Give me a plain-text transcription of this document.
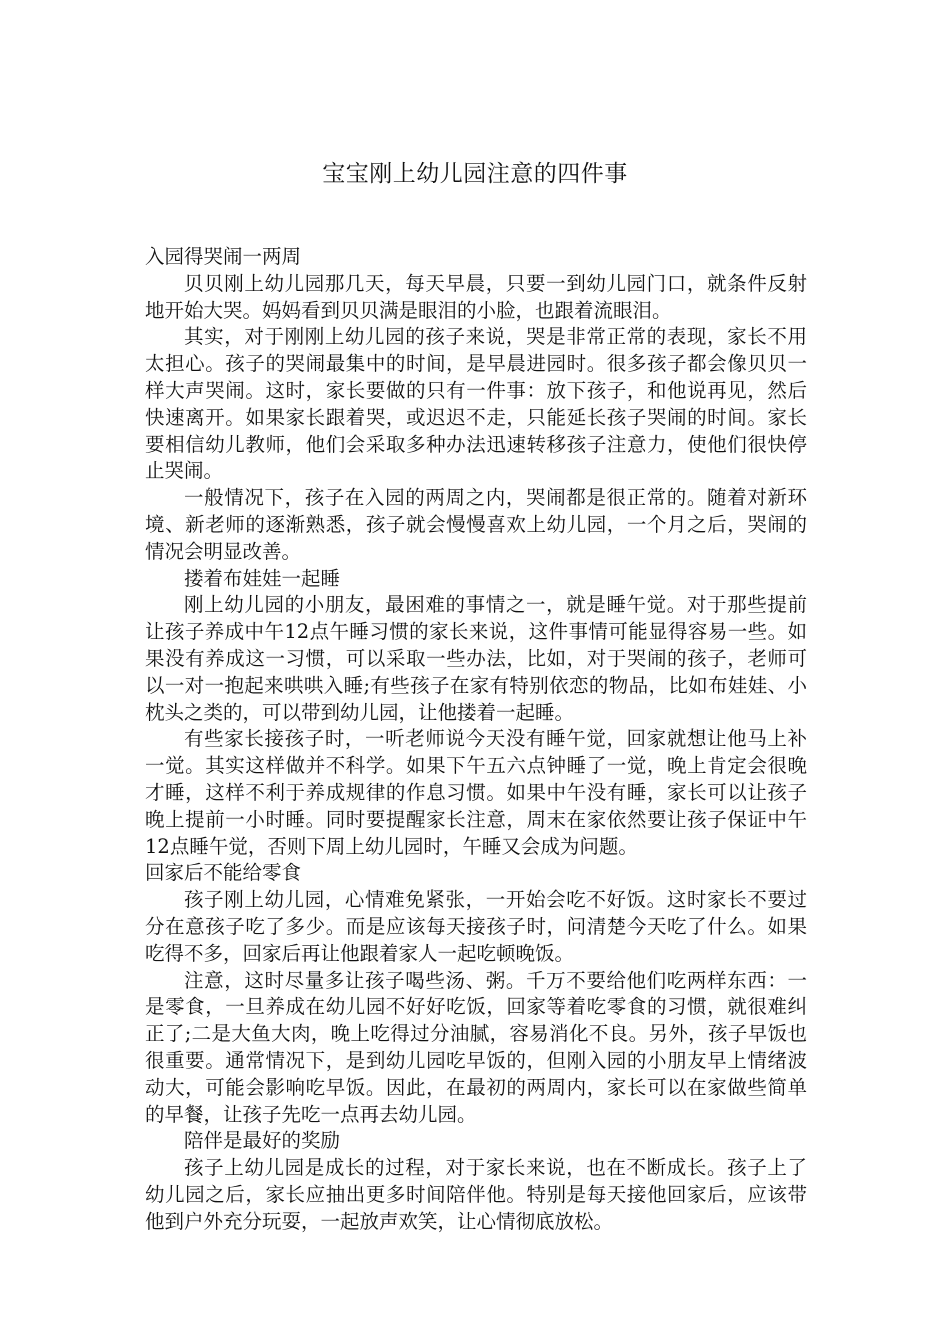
宝宝刚上幼儿园注意的四件事

入园得哭闹一两周

贝贝刚上幼儿园那几天，每天早晨，只要一到幼儿园门口，就条件反射地开始大哭。妈妈看到贝贝满是眼泪的小脸，也跟着流眼泪。

其实，对于刚刚上幼儿园的孩子来说，哭是非常正常的表现，家长不用太担心。孩子的哭闹最集中的时间，是早晨进园时。很多孩子都会像贝贝一样大声哭闹。这时，家长要做的只有一件事：放下孩子，和他说再见，然后快速离开。如果家长跟着哭，或迟迟不走，只能延长孩子哭闹的时间。家长要相信幼儿教师，他们会采取多种办法迅速转移孩子注意力，使他们很快停止哭闹。

一般情况下，孩子在入园的两周之内，哭闹都是很正常的。随着对新环境、新老师的逐渐熟悉，孩子就会慢慢喜欢上幼儿园，一个月之后，哭闹的情况会明显改善。

搂着布娃娃一起睡

刚上幼儿园的小朋友，最困难的事情之一，就是睡午觉。对于那些提前让孩子养成中午12点午睡习惯的家长来说，这件事情可能显得容易一些。如果没有养成这一习惯，可以采取一些办法，比如，对于哭闹的孩子，老师可以一对一抱起来哄哄入睡;有些孩子在家有特别依恋的物品，比如布娃娃、小枕头之类的，可以带到幼儿园，让他搂着一起睡。

有些家长接孩子时，一听老师说今天没有睡午觉，回家就想让他马上补一觉。其实这样做并不科学。如果下午五六点钟睡了一觉，晚上肯定会很晚才睡，这样不利于养成规律的作息习惯。如果中午没有睡，家长可以让孩子晚上提前一小时睡。同时要提醒家长注意，周末在家依然要让孩子保证中午12点睡午觉，否则下周上幼儿园时，午睡又会成为问题。

回家后不能给零食

孩子刚上幼儿园，心情难免紧张，一开始会吃不好饭。这时家长不要过分在意孩子吃了多少。而是应该每天接孩子时，问清楚今天吃了什么。如果吃得不多，回家后再让他跟着家人一起吃顿晚饭。

注意，这时尽量多让孩子喝些汤、粥。千万不要给他们吃两样东西：一是零食，一旦养成在幼儿园不好好吃饭，回家等着吃零食的习惯，就很难纠正了;二是大鱼大肉，晚上吃得过分油腻，容易消化不良。另外，孩子早饭也很重要。通常情况下，是到幼儿园吃早饭的，但刚入园的小朋友早上情绪波动大，可能会影响吃早饭。因此，在最初的两周内，家长可以在家做些简单的早餐，让孩子先吃一点再去幼儿园。

陪伴是最好的奖励

孩子上幼儿园是成长的过程，对于家长来说，也在不断成长。孩子上了幼儿园之后，家长应抽出更多时间陪伴他。特别是每天接他回家后，应该带他到户外充分玩耍，一起放声欢笑，让心情彻底放松。
